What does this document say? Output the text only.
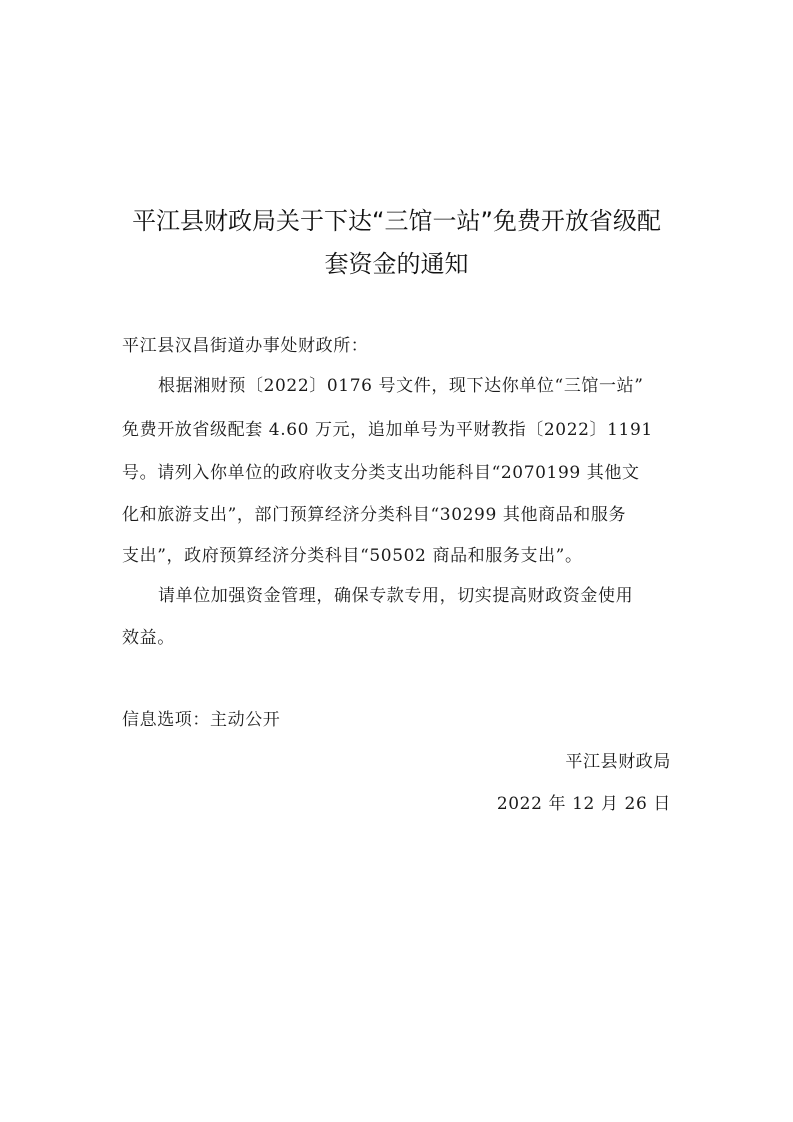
平江县财政局关于下达“三馆一站”免费开放省级配
套资金的通知
平江县汉昌街道办事处财政所：
根据湘财预〔2022〕0176 号文件，现下达你单位“三馆一站”
免费开放省级配套 4.60 万元，追加单号为平财教指〔2022〕1191
号。请列入你单位的政府收支分类支出功能科目“2070199 其他文
化和旅游支出”，部门预算经济分类科目“30299 其他商品和服务
支出”，政府预算经济分类科目“50502 商品和服务支出”。
请单位加强资金管理，确保专款专用，切实提高财政资金使用
效益。
信息选项：主动公开
平江县财政局
2022 年 12 月 26 日
